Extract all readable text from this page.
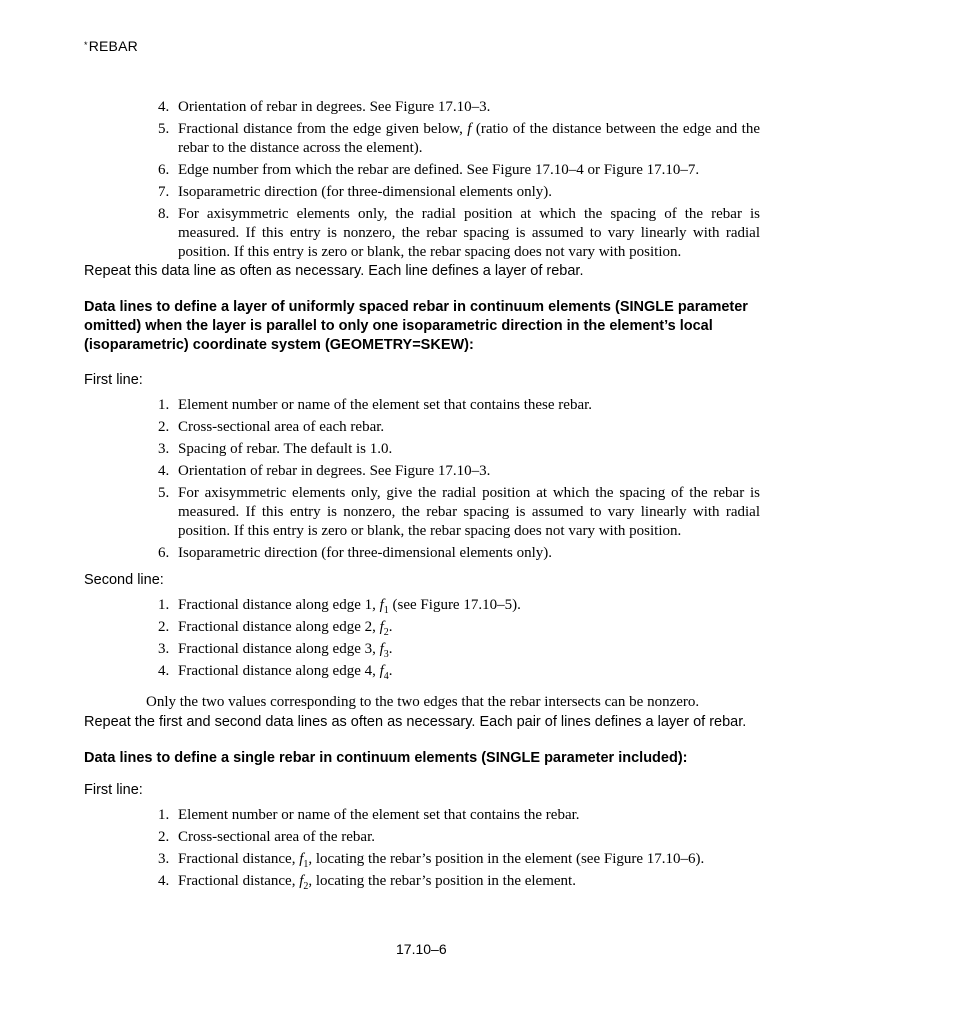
*REBAR
4. Orientation of rebar in degrees. See Figure 17.10–3.
5. Fractional distance from the edge given below, f (ratio of the distance between the edge and the rebar to the distance across the element).
6. Edge number from which the rebar are defined. See Figure 17.10–4 or Figure 17.10–7.
7. Isoparametric direction (for three-dimensional elements only).
8. For axisymmetric elements only, the radial position at which the spacing of the rebar is measured. If this entry is nonzero, the rebar spacing is assumed to vary linearly with radial position. If this entry is zero or blank, the rebar spacing does not vary with position.
Repeat this data line as often as necessary. Each line defines a layer of rebar.
Data lines to define a layer of uniformly spaced rebar in continuum elements (SINGLE parameter omitted) when the layer is parallel to only one isoparametric direction in the element’s local (isoparametric) coordinate system (GEOMETRY=SKEW):
First line:
1. Element number or name of the element set that contains these rebar.
2. Cross-sectional area of each rebar.
3. Spacing of rebar. The default is 1.0.
4. Orientation of rebar in degrees. See Figure 17.10–3.
5. For axisymmetric elements only, give the radial position at which the spacing of the rebar is measured. If this entry is nonzero, the rebar spacing is assumed to vary linearly with radial position. If this entry is zero or blank, the rebar spacing does not vary with position.
6. Isoparametric direction (for three-dimensional elements only).
Second line:
1. Fractional distance along edge 1, $f_1$ (see Figure 17.10–5).
2. Fractional distance along edge 2, $f_2$.
3. Fractional distance along edge 3, $f_3$.
4. Fractional distance along edge 4, $f_4$.
Only the two values corresponding to the two edges that the rebar intersects can be nonzero.
Repeat the first and second data lines as often as necessary. Each pair of lines defines a layer of rebar.
Data lines to define a single rebar in continuum elements (SINGLE parameter included):
First line:
1. Element number or name of the element set that contains the rebar.
2. Cross-sectional area of the rebar.
3. Fractional distance, $f_1$, locating the rebar’s position in the element (see Figure 17.10–6).
4. Fractional distance, $f_2$, locating the rebar’s position in the element.
17.10–6
